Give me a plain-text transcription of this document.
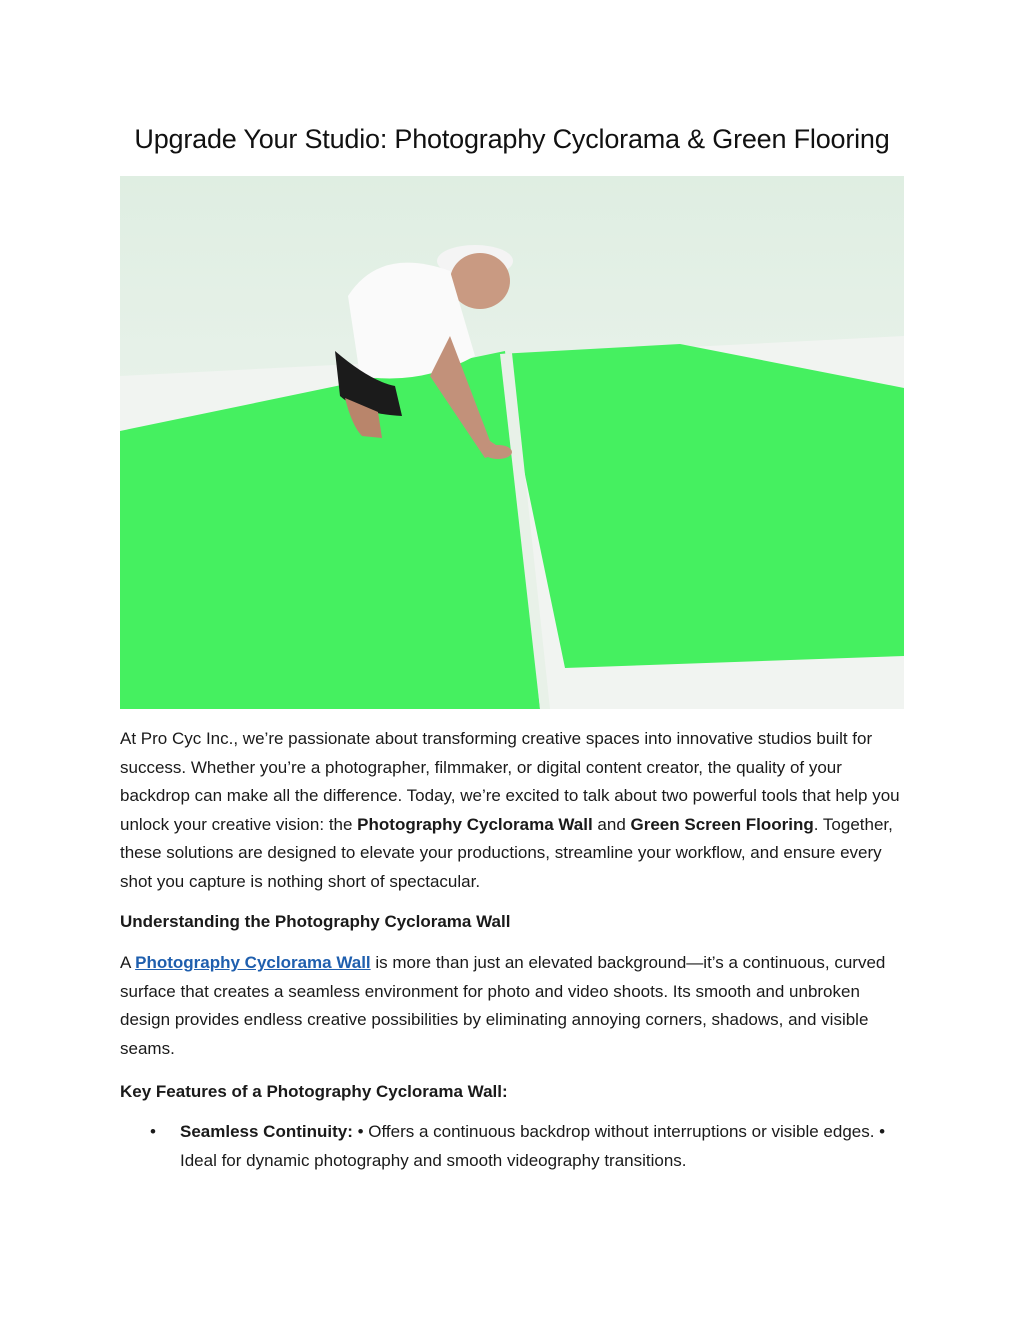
Upgrade Your Studio: Photography Cyclorama & Green Flooring

At Pro Cyc Inc., we’re passionate about transforming creative spaces into innovative studios built for success. Whether you’re a photographer, filmmaker, or digital content creator, the quality of your backdrop can make all the difference. Today, we’re excited to talk about two powerful tools that help you unlock your creative vision: the Photography Cyclorama Wall and Green Screen Flooring. Together, these solutions are designed to elevate your productions, streamline your workflow, and ensure every shot you capture is nothing short of spectacular.

Understanding the Photography Cyclorama Wall

A Photography Cyclorama Wall is more than just an elevated background—it’s a continuous, curved surface that creates a seamless environment for photo and video shoots. Its smooth and unbroken design provides endless creative possibilities by eliminating annoying corners, shadows, and visible seams.

Key Features of a Photography Cyclorama Wall:
• Seamless Continuity: • Offers a continuous backdrop without interruptions or visible edges. • Ideal for dynamic photography and smooth videography transitions.
